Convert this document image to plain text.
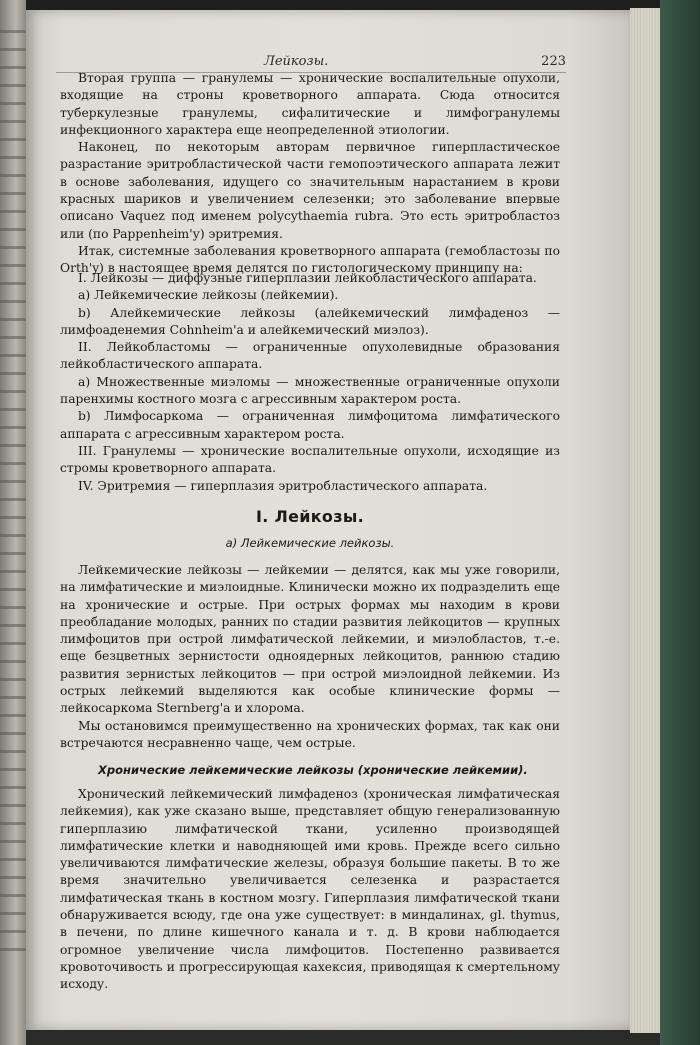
Лейкозы.	223

Вторая группа — гранулемы — хронические воспалительные опухоли, входящие на строны кроветворного аппарата. Сюда относится туберкулезные гранулемы, сифалитические и лимфогранулемы инфекционного характера еще неопределенной этиологии.

Наконец, по некоторым авторам первичное гиперпластическое разрастание эритробластической части гемопоэтического аппарата лежит в основе заболевания, идущего со значительным нарастанием в крови красных шариков и увеличением селезенки; это заболевание впервые описано Vaquez под именем polycythaemia rubra. Это есть эритробластоз или (по Pappenheim'у) эритремия.

Итак, системные заболевания кроветворного аппарата (гемобластозы по Orth'y) в настоящее время делятся по гистологическому принципу на:

I. Лейкозы — диффузные гиперплазии лейкобластического аппарата.

a) Лейкемические лейкозы (лейкемии).

b) Алейкемические лейкозы (алейкемический лимфаденоз — лимфоаденемия Cohnheim'a и алейкемический миэлоз).

II. Лейкобластомы — ограниченные опухолевидные образования лейкобластического аппарата.

a) Множественные миэломы — множественные ограниченные опухоли паренхимы костного мозга с агрессивным характером роста.

b) Лимфосаркома — ограниченная лимфоцитома лимфатического аппарата с агрессивным характером роста.

III. Гранулемы — хронические воспалительные опухоли, исходящие из стромы кроветворного аппарата.

IV. Эритремия — гиперплазия эритробластического аппарата.

I. Лейкозы.

а) Лейкемические лейкозы.

Лейкемические лейкозы — лейкемии — делятся, как мы уже говорили, на лимфатические и миэлоидные. Клинически можно их подразделить еще на хронические и острые. При острых формах мы находим в крови преобладание молодых, ранних по стадии развития лейкоцитов — крупных лимфоцитов при острой лимфатической лейкемии, и миэлобластов, т.-е. еще безцветных зернистости одноядерных лейкоцитов, раннюю стадию развития зернистых лейкоцитов — при острой миэлоидной лейкемии. Из острых лейкемий выделяются как особые клинические формы — лейкосаркома Sternberg'a и хлорома.

Мы остановимся преимущественно на хронических формах, так как они встречаются несравненно чаще, чем острые.

Хронические лейкемические лейкозы (хронические лейкемии).

Хронический лейкемический лимфаденоз (хроническая лимфатическая лейкемия), как уже сказано выше, представляет общую генерализованную гиперплазию лимфатической ткани, усиленно производящей лимфатические клетки и наводняющей ими кровь. Прежде всего сильно увеличиваются лимфатические железы, образуя большие пакеты. В то же время значительно увеличивается селезенка и разрастается лимфатическая ткань в костном мозгу. Гиперплазия лимфатической ткани обнаруживается всюду, где она уже существует: в миндалинах, gl. thymus, в печени, по длине кишечного канала и т. д. В крови наблюдается огромное увеличение числа лимфоцитов. Постепенно развивается кровоточивость и прогрессирующая кахексия, приводящая к смертельному исходу.
